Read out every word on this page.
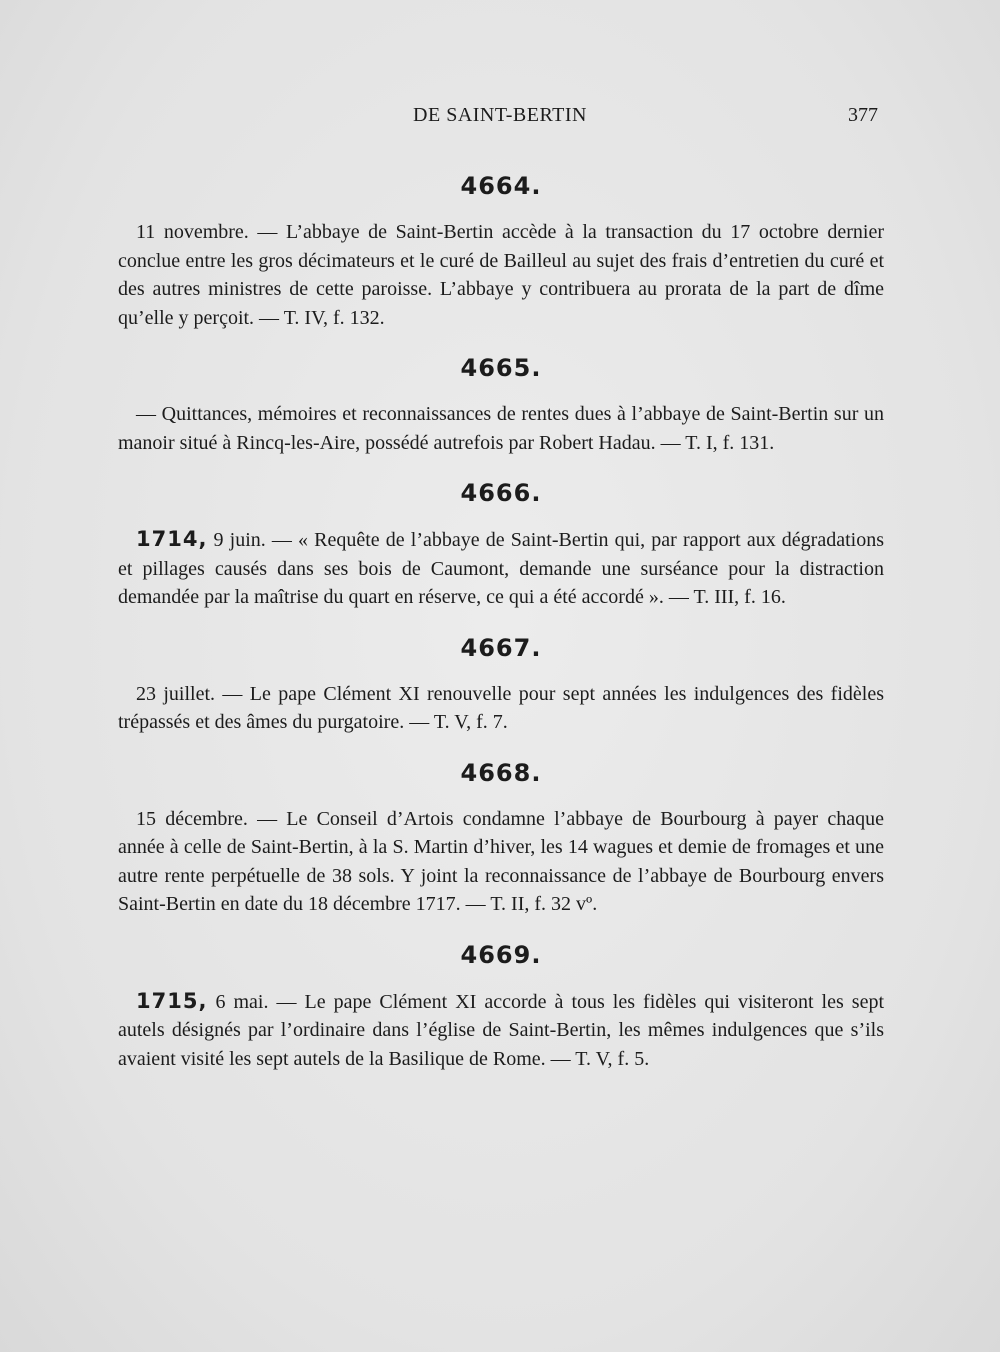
DE SAINT-BERTIN	377
4664.

11 novembre. — L’abbaye de Saint-Bertin accède à la transaction du 17 octobre dernier conclue entre les gros décimateurs et le curé de Bailleul au sujet des frais d’entretien du curé et des autres ministres de cette paroisse. L’abbaye y contribuera au prorata de la part de dîme qu’elle y perçoit. — T. IV, f. 132.

4665.

— Quittances, mémoires et reconnaissances de rentes dues à l’abbaye de Saint-Bertin sur un manoir situé à Rincq-les-Aire, possédé autrefois par Robert Hadau. — T. I, f. 131.

4666.

1714, 9 juin. — « Requête de l’abbaye de Saint-Bertin qui, par rapport aux dégradations et pillages causés dans ses bois de Caumont, demande une surséance pour la distraction demandée par la maîtrise du quart en réserve, ce qui a été accordé ». — T. III, f. 16.

4667.

23 juillet. — Le pape Clément XI renouvelle pour sept années les indulgences des fidèles trépassés et des âmes du purgatoire. — T. V, f. 7.

4668.

15 décembre. — Le Conseil d’Artois condamne l’abbaye de Bourbourg à payer chaque année à celle de Saint-Bertin, à la S. Martin d’hiver, les 14 wagues et demie de fromages et une autre rente perpétuelle de 38 sols. Y joint la reconnaissance de l’abbaye de Bourbourg envers Saint-Bertin en date du 18 décembre 1717. — T. II, f. 32 vº.

4669.

1715, 6 mai. — Le pape Clément XI accorde à tous les fidèles qui visiteront les sept autels désignés par l’ordinaire dans l’église de Saint-Bertin, les mêmes indulgences que s’ils avaient visité les sept autels de la Basilique de Rome. — T. V, f. 5.
